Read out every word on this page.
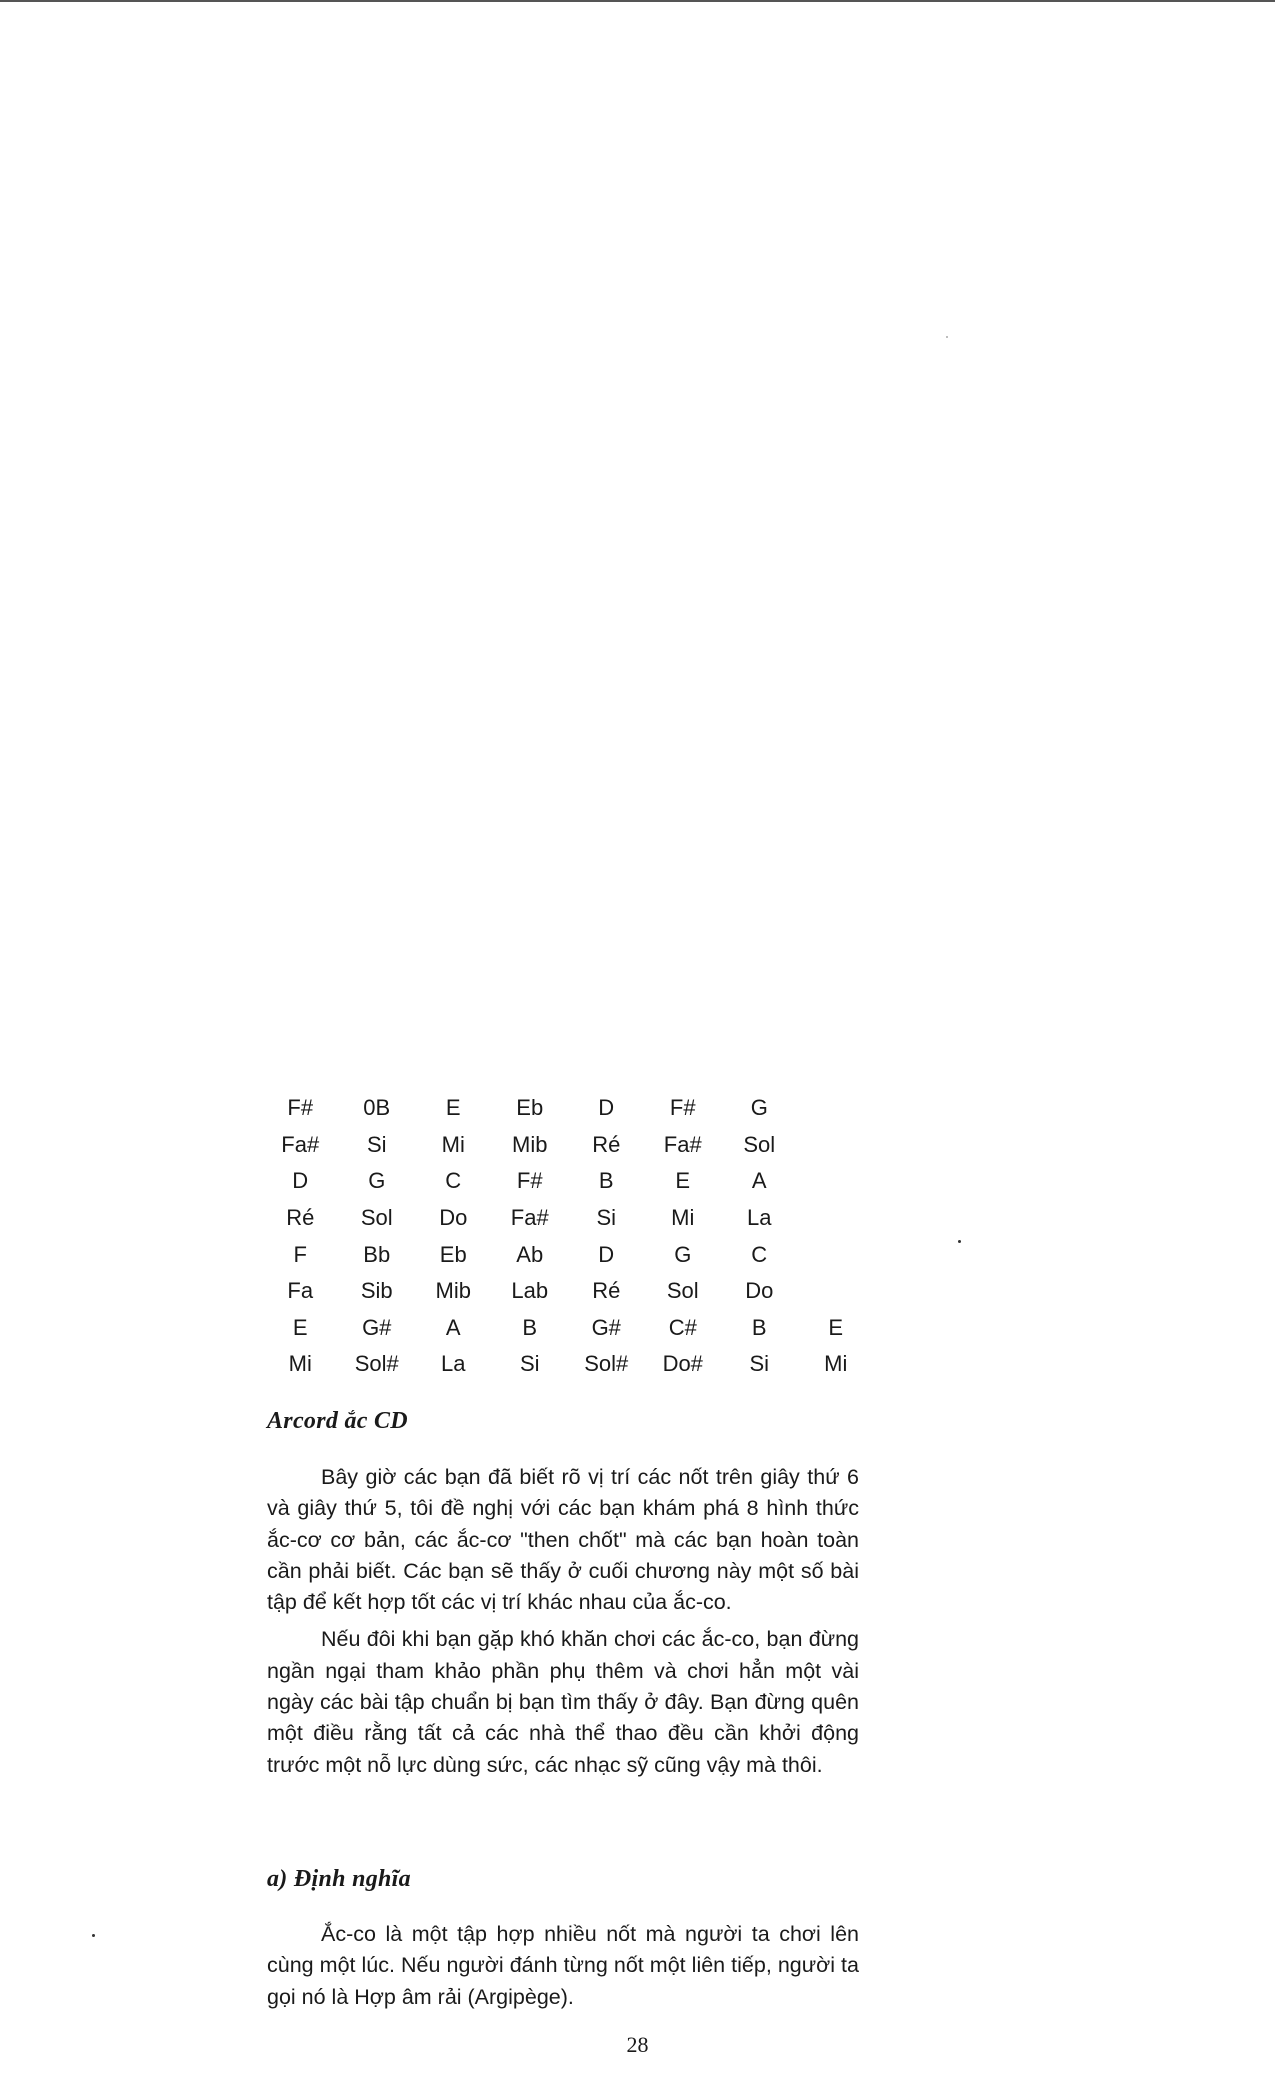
F#	0B	E	Eb	D	F#	G
Fa#	Si	Mi	Mib	Ré	Fa#	Sol
D	G	C	F#	B	E	A
Ré	Sol	Do	Fa#	Si	Mi	La
F	Bb	Eb	Ab	D	G	C
Fa	Sib	Mib	Lab	Ré	Sol	Do
E	G#	A	B	G#	C#	B	E
Mi	Sol#	La	Si	Sol#	Do#	Si	Mi
Arcord ắc CD

Bây giờ các bạn đã biết rõ vị trí các nốt trên giây thứ 6 và giây thứ 5, tôi đề nghị với các bạn khám phá 8 hình thức ắc-cơ cơ bản, các ắc-cơ "then chốt" mà các bạn hoàn toàn cần phải biết. Các bạn sẽ thấy ở cuối chương này một số bài tập để kết hợp tốt các vị trí khác nhau của ắc-co.

Nếu đôi khi bạn gặp khó khăn chơi các ắc-co, bạn đừng ngần ngại tham khảo phần phụ thêm và chơi hẳn một vài ngày các bài tập chuẩn bị bạn tìm thấy ở đây. Bạn đừng quên một điều rằng tất cả các nhà thể thao đều cần khởi động trước một nỗ lực dùng sức, các nhạc sỹ cũng vậy mà thôi.

a) Định nghĩa

Ắc-co là một tập hợp nhiều nốt mà người ta chơi lên cùng một lúc. Nếu người đánh từng nốt một liên tiếp, người ta gọi nó là Hợp âm rải (Argipège).

28
